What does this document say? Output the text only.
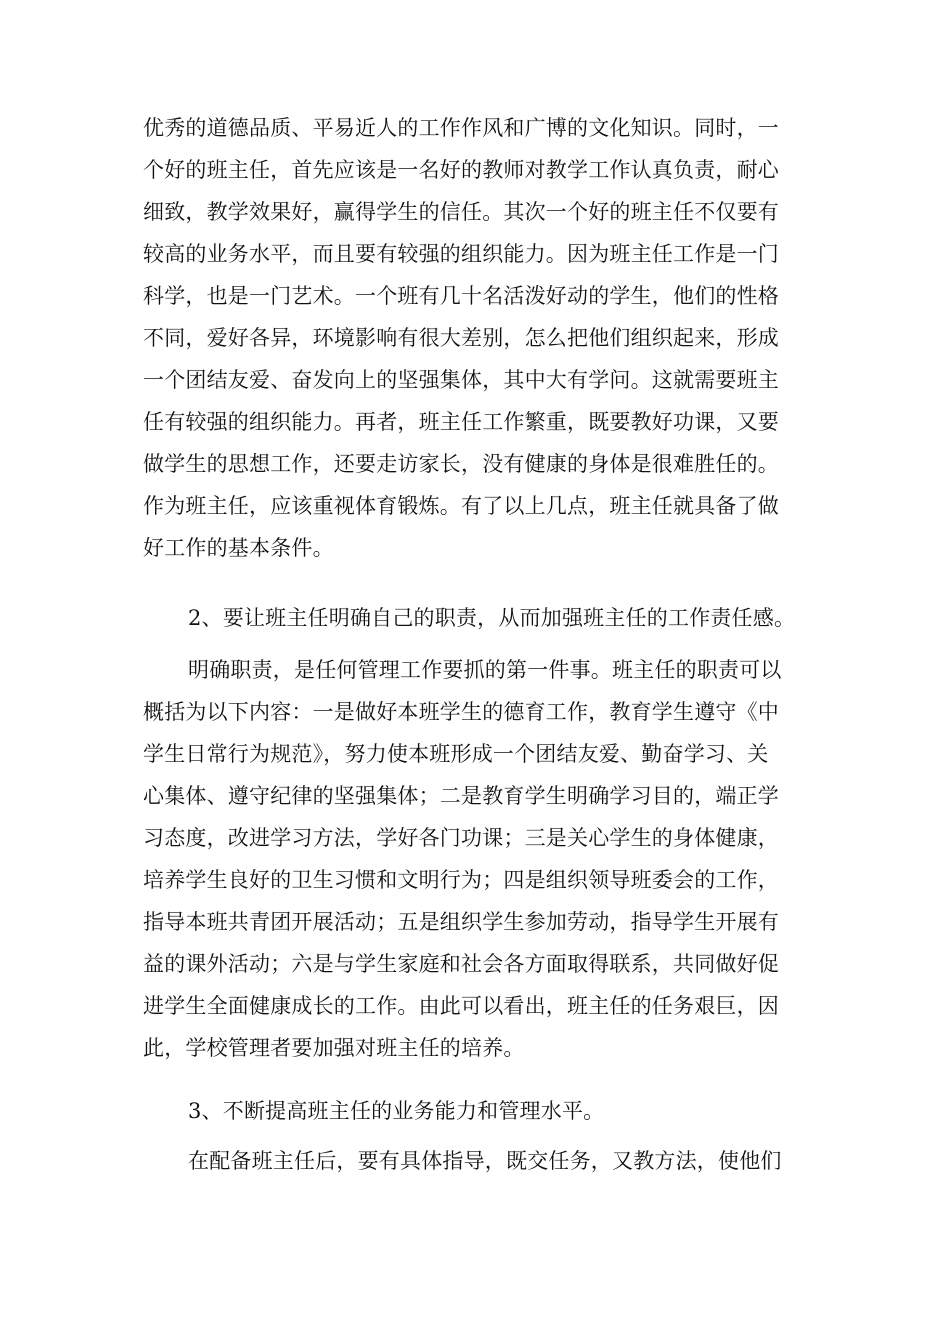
优秀的道德品质、平易近人的工作作风和广博的文化知识。同时，一
个好的班主任，首先应该是一名好的教师对教学工作认真负责，耐心
细致，教学效果好，赢得学生的信任。其次一个好的班主任不仅要有
较高的业务水平，而且要有较强的组织能力。因为班主任工作是一门
科学，也是一门艺术。一个班有几十名活泼好动的学生，他们的性格
不同，爱好各异，环境影响有很大差别，怎么把他们组织起来，形成
一个团结友爱、奋发向上的坚强集体，其中大有学问。这就需要班主
任有较强的组织能力。再者，班主任工作繁重，既要教好功课，又要
做学生的思想工作，还要走访家长，没有健康的身体是很难胜任的。
作为班主任，应该重视体育锻炼。有了以上几点，班主任就具备了做
好工作的基本条件。
2、要让班主任明确自己的职责，从而加强班主任的工作责任感。
明确职责，是任何管理工作要抓的第一件事。班主任的职责可以
概括为以下内容：一是做好本班学生的德育工作，教育学生遵守《中
学生日常行为规范》，努力使本班形成一个团结友爱、勤奋学习、关
心集体、遵守纪律的坚强集体；二是教育学生明确学习目的，端正学
习态度，改进学习方法，学好各门功课；三是关心学生的身体健康，
培养学生良好的卫生习惯和文明行为；四是组织领导班委会的工作，
指导本班共青团开展活动；五是组织学生参加劳动，指导学生开展有
益的课外活动；六是与学生家庭和社会各方面取得联系，共同做好促
进学生全面健康成长的工作。由此可以看出，班主任的任务艰巨，因
此，学校管理者要加强对班主任的培养。
3、不断提高班主任的业务能力和管理水平。
在配备班主任后，要有具体指导，既交任务，又教方法，使他们
